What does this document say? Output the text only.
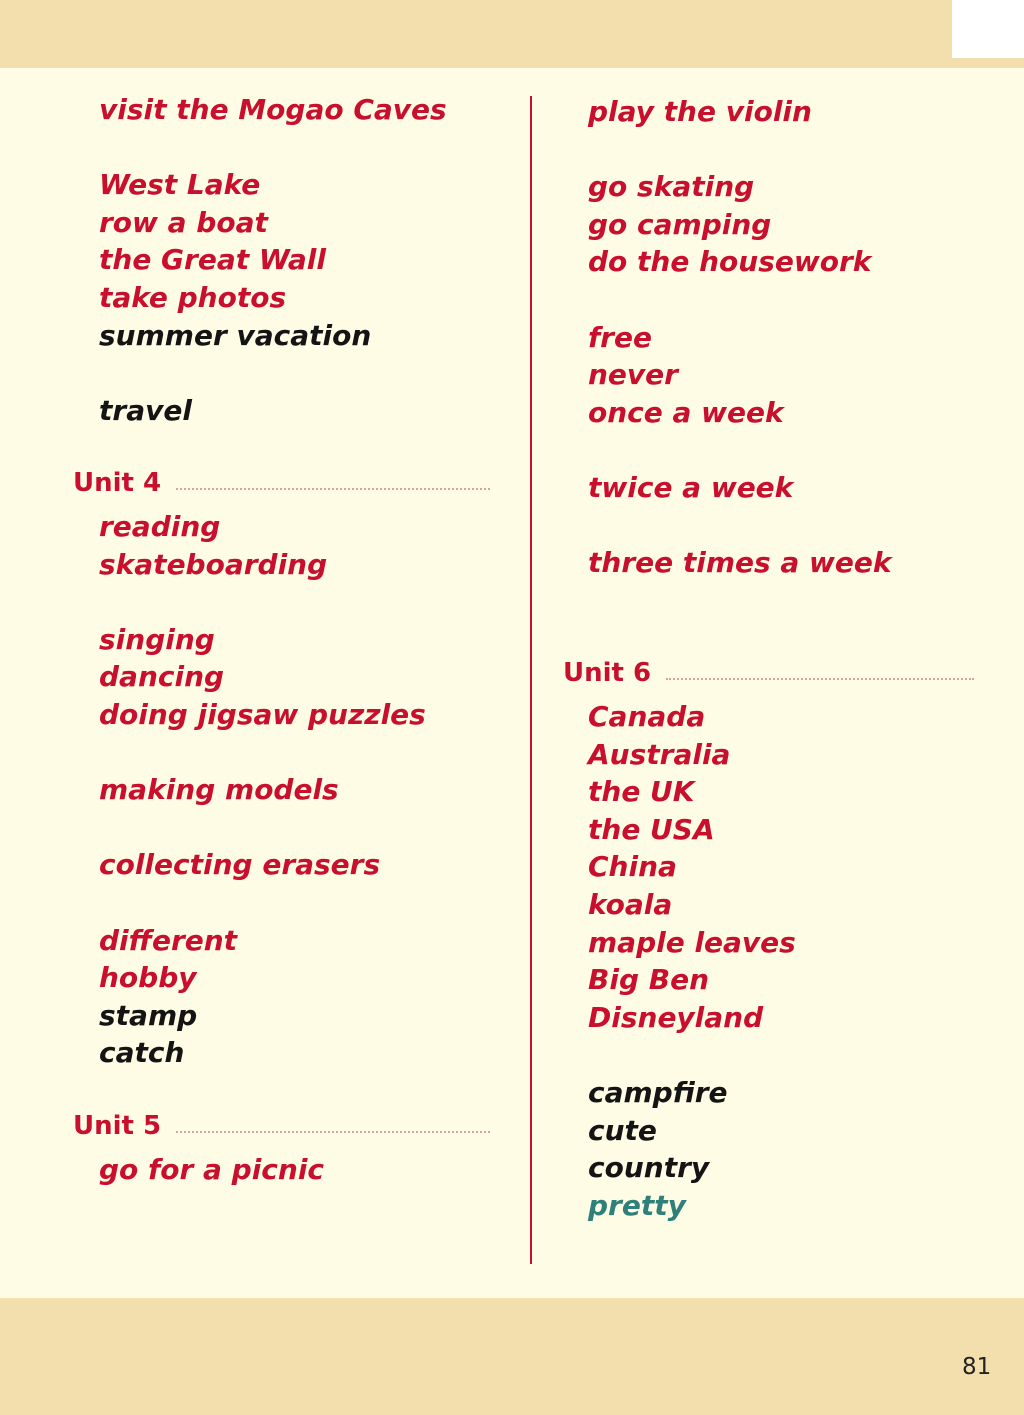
visit the Mogao Caves
West Lake
row a boat
the Great Wall
take photos
summer vacation
travel
Unit 4
reading
skateboarding
singing
dancing
doing jigsaw puzzles
making models
collecting erasers
different
hobby
stamp
catch
Unit 5
go for a picnic
play the violin
go skating
go camping
do the housework
free
never
once a week
twice a week
three times a week
Unit 6
Canada
Australia
the UK
the USA
China
koala
maple leaves
Big Ben
Disneyland
campfire
cute
country
pretty
81
